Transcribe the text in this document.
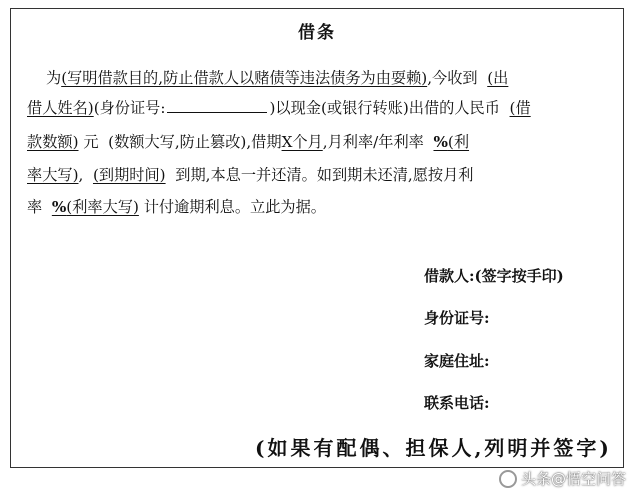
借条
为(写明借款目的,防止借款人以赌债等违法债务为由耍赖),今收到 (出
借人姓名)(身份证号:	)以现金(或银行转账)出借的人民币 (借
款数额) 元 (数额大写,防止篡改),借期X个月,月利率/年利率 %(利
率大写), (到期时间) 到期,本息一并还清。如到期未还清,愿按月利
率 %(利率大写) 计付逾期利息。立此为据。
借款人:(签字按手印)
身份证号:
家庭住址:
联系电话:
(如果有配偶、担保人,列明并签字)
头条@悟空问答
